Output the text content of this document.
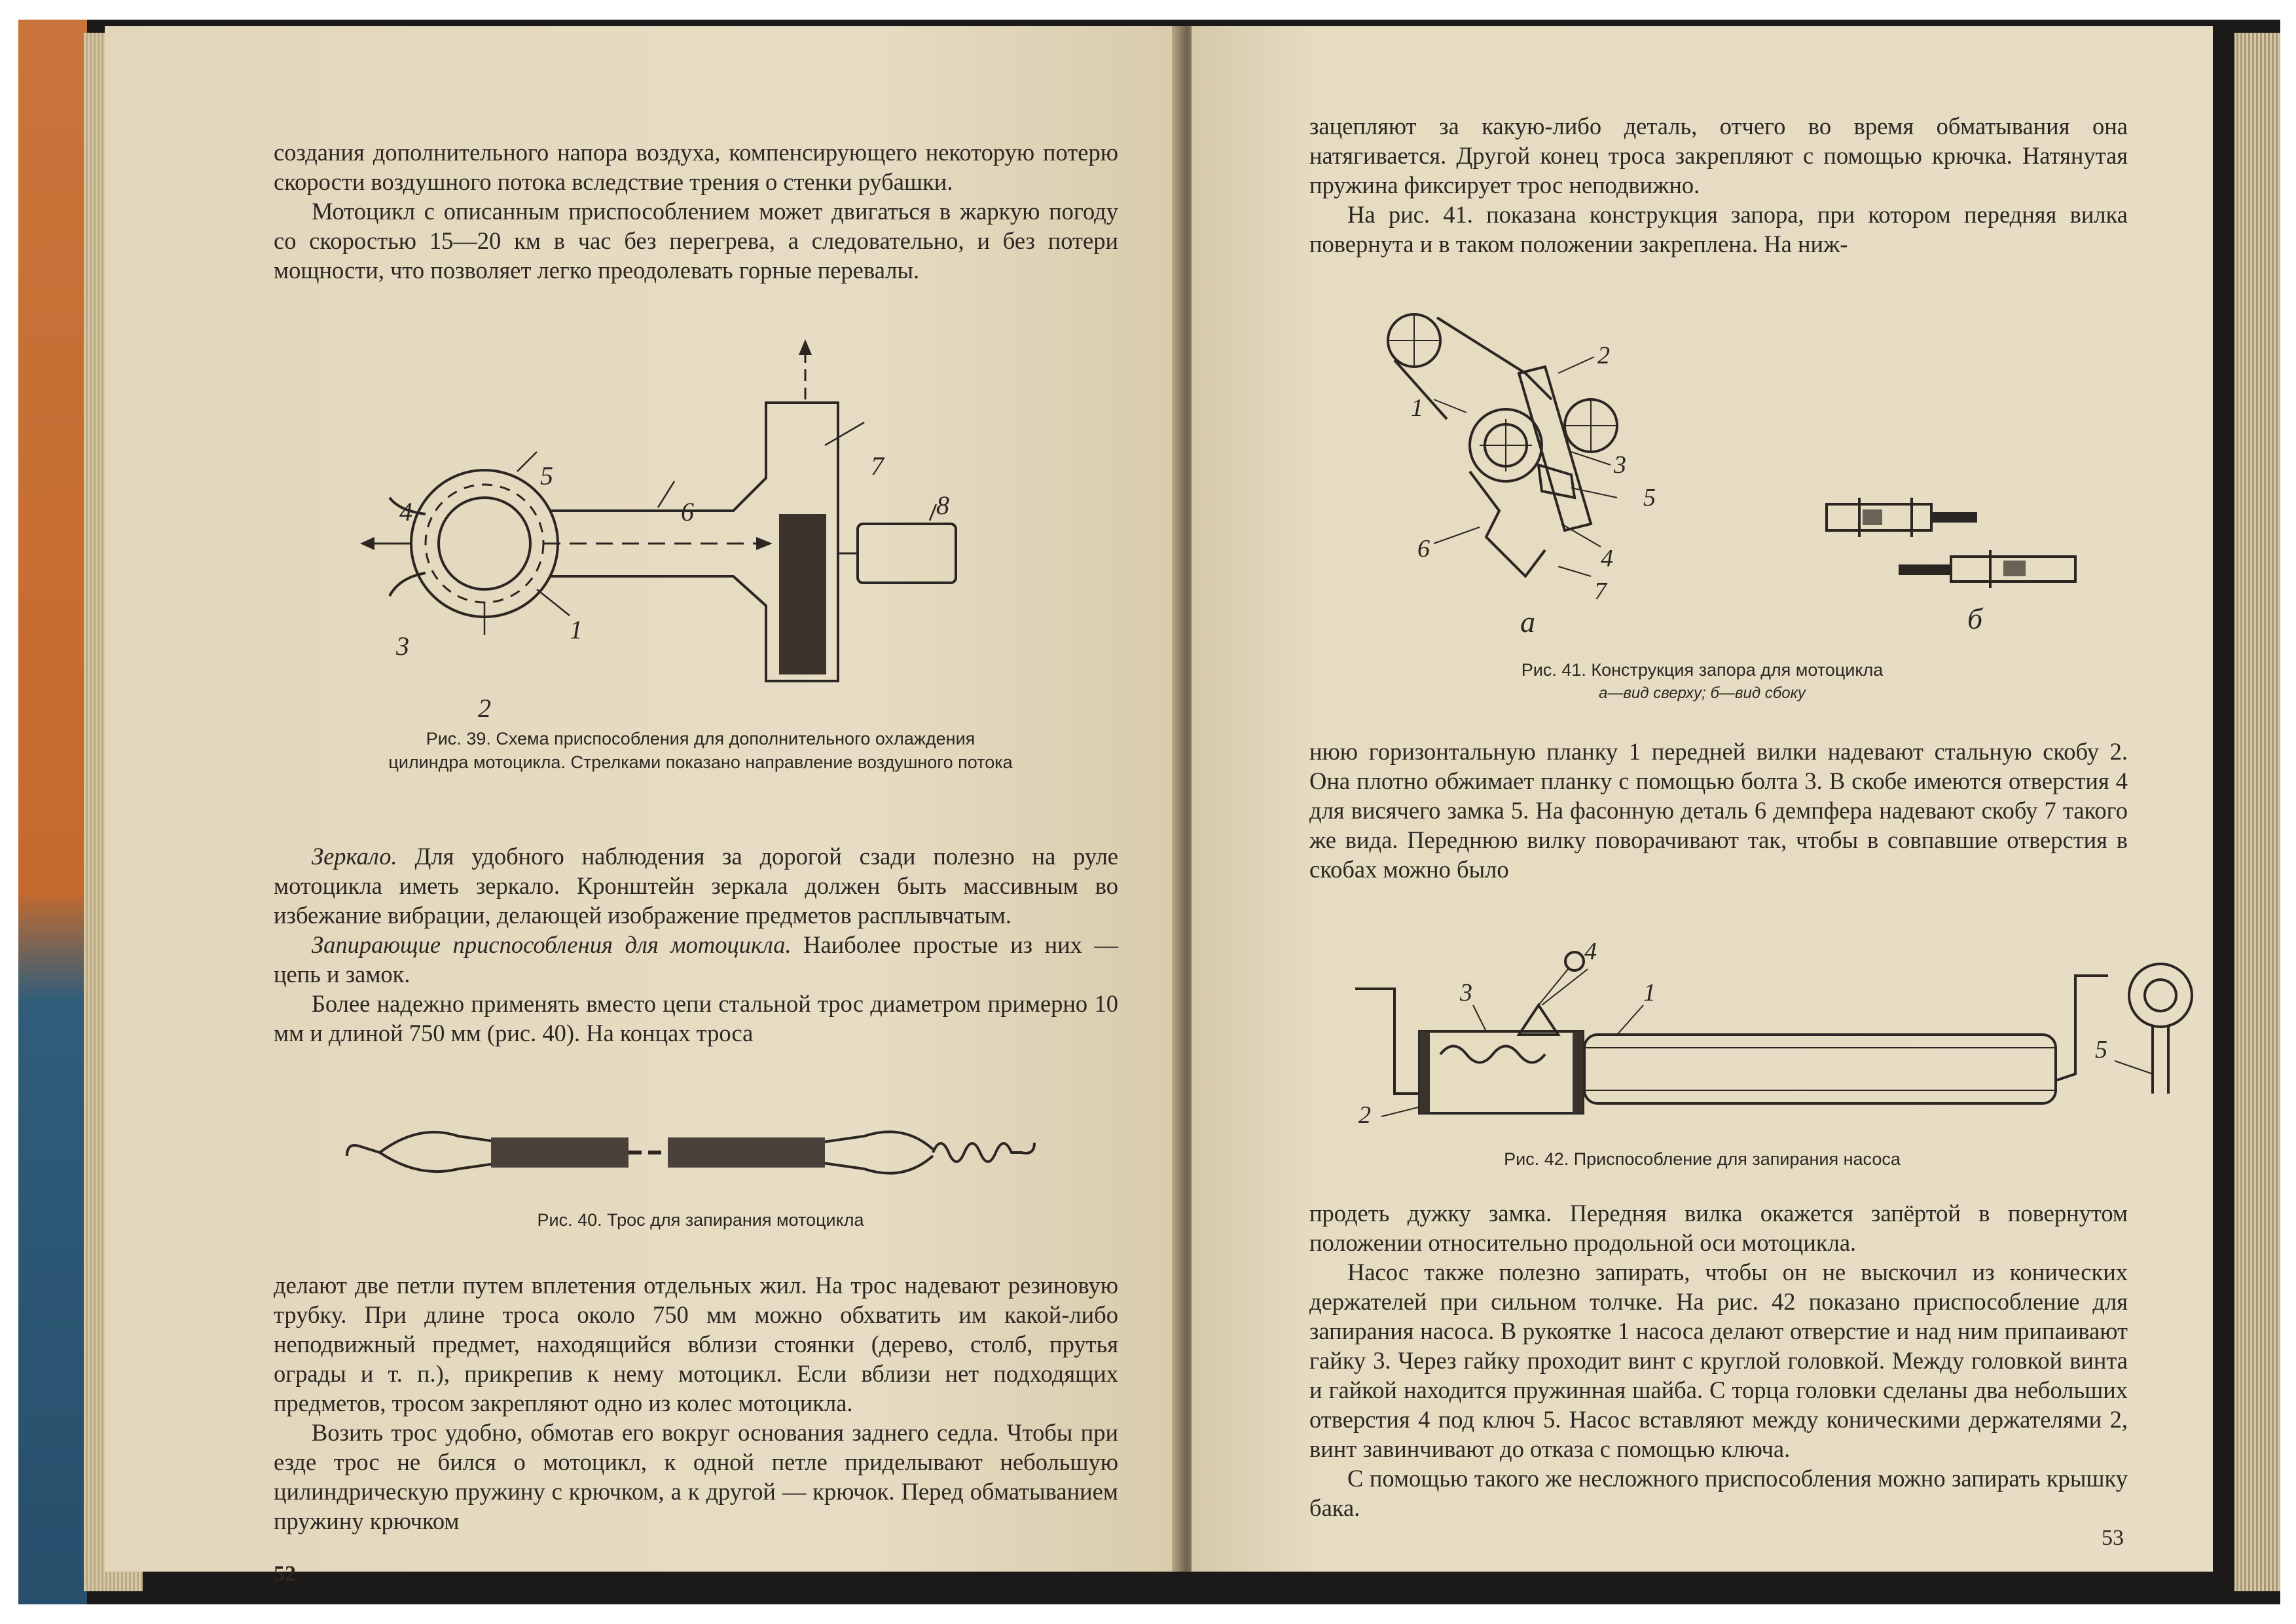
создания дополнительного напора воздуха, компенсирующего некоторую потерю скорости воздушного потока вследствие трения о стенки рубашки.

Мотоцикл с описанным приспособлением может двигаться в жаркую погоду со скоростью 15—20 км в час без перегрева, а следовательно, и без потери мощности, что позволяет легко преодолевать горные перевалы.

1
2
3
4
5
6
7
8
Рис. 39. Схема приспособления для дополнительного охлаждения цилиндра мотоцикла. Стрелками показано направление воздушного потока

Зеркало. Для удобного наблюдения за дорогой сзади полезно на руле мотоцикла иметь зеркало. Кронштейн зеркала должен быть массивным во избежание вибрации, делающей изображение предметов расплывчатым.

Запирающие приспособления для мотоцикла. Наиболее простые из них — цепь и замок.

Более надежно применять вместо цепи стальной трос диаметром примерно 10 мм и длиной 750 мм (рис. 40). На концах троса

Рис. 40. Трос для запирания мотоцикла

делают две петли путем вплетения отдельных жил. На трос надевают резиновую трубку. При длине троса около 750 мм можно обхватить им какой-либо неподвижный предмет, находящийся вблизи стоянки (дерево, столб, прутья ограды и т. п.), прикрепив к нему мотоцикл. Если вблизи нет подходящих предметов, тросом закрепляют одно из колес мотоцикла.

Возить трос удобно, обмотав его вокруг основания заднего седла. Чтобы при езде трос не бился о мотоцикл, к одной петле приделывают небольшую цилиндрическую пружину с крючком, а к другой — крючок. Перед обматыванием пружину крючком

52

зацепляют за какую-либо деталь, отчего во время обматывания она натягивается. Другой конец троса закрепляют с помощью крючка. Натянутая пружина фиксирует трос неподвижно.

На рис. 41. показана конструкция запора, при котором передняя вилка повернута и в таком положении закреплена. На ниж-

2
1
3
5
4
6
7
а	б
Рис. 41. Конструкция запора для мотоцикла
а—вид сверху; б—вид сбоку

нюю горизонтальную планку 1 передней вилки надевают стальную скобу 2. Она плотно обжимает планку с помощью болта 3. В скобе имеются отверстия 4 для висячего замка 5. На фасонную деталь 6 демпфера надевают скобу 7 такого же вида. Переднюю вилку поворачивают так, чтобы в совпавшие отверстия в скобах можно было

4
1
3
2
5
Рис. 42. Приспособление для запирания насоса

продеть дужку замка. Передняя вилка окажется запёртой в повернутом положении относительно продольной оси мотоцикла.

Насос также полезно запирать, чтобы он не выскочил из конических держателей при сильном толчке. На рис. 42 показано приспособление для запирания насоса. В рукоятке 1 насоса делают отверстие и над ним припаивают гайку 3. Через гайку проходит винт с круглой головкой. Между головкой винта и гайкой находится пружинная шайба. С торца головки сделаны два небольших отверстия 4 под ключ 5. Насос вставляют между коническими держателями 2, винт завинчивают до отказа с помощью ключа.

С помощью такого же несложного приспособления можно запирать крышку бака.

53
